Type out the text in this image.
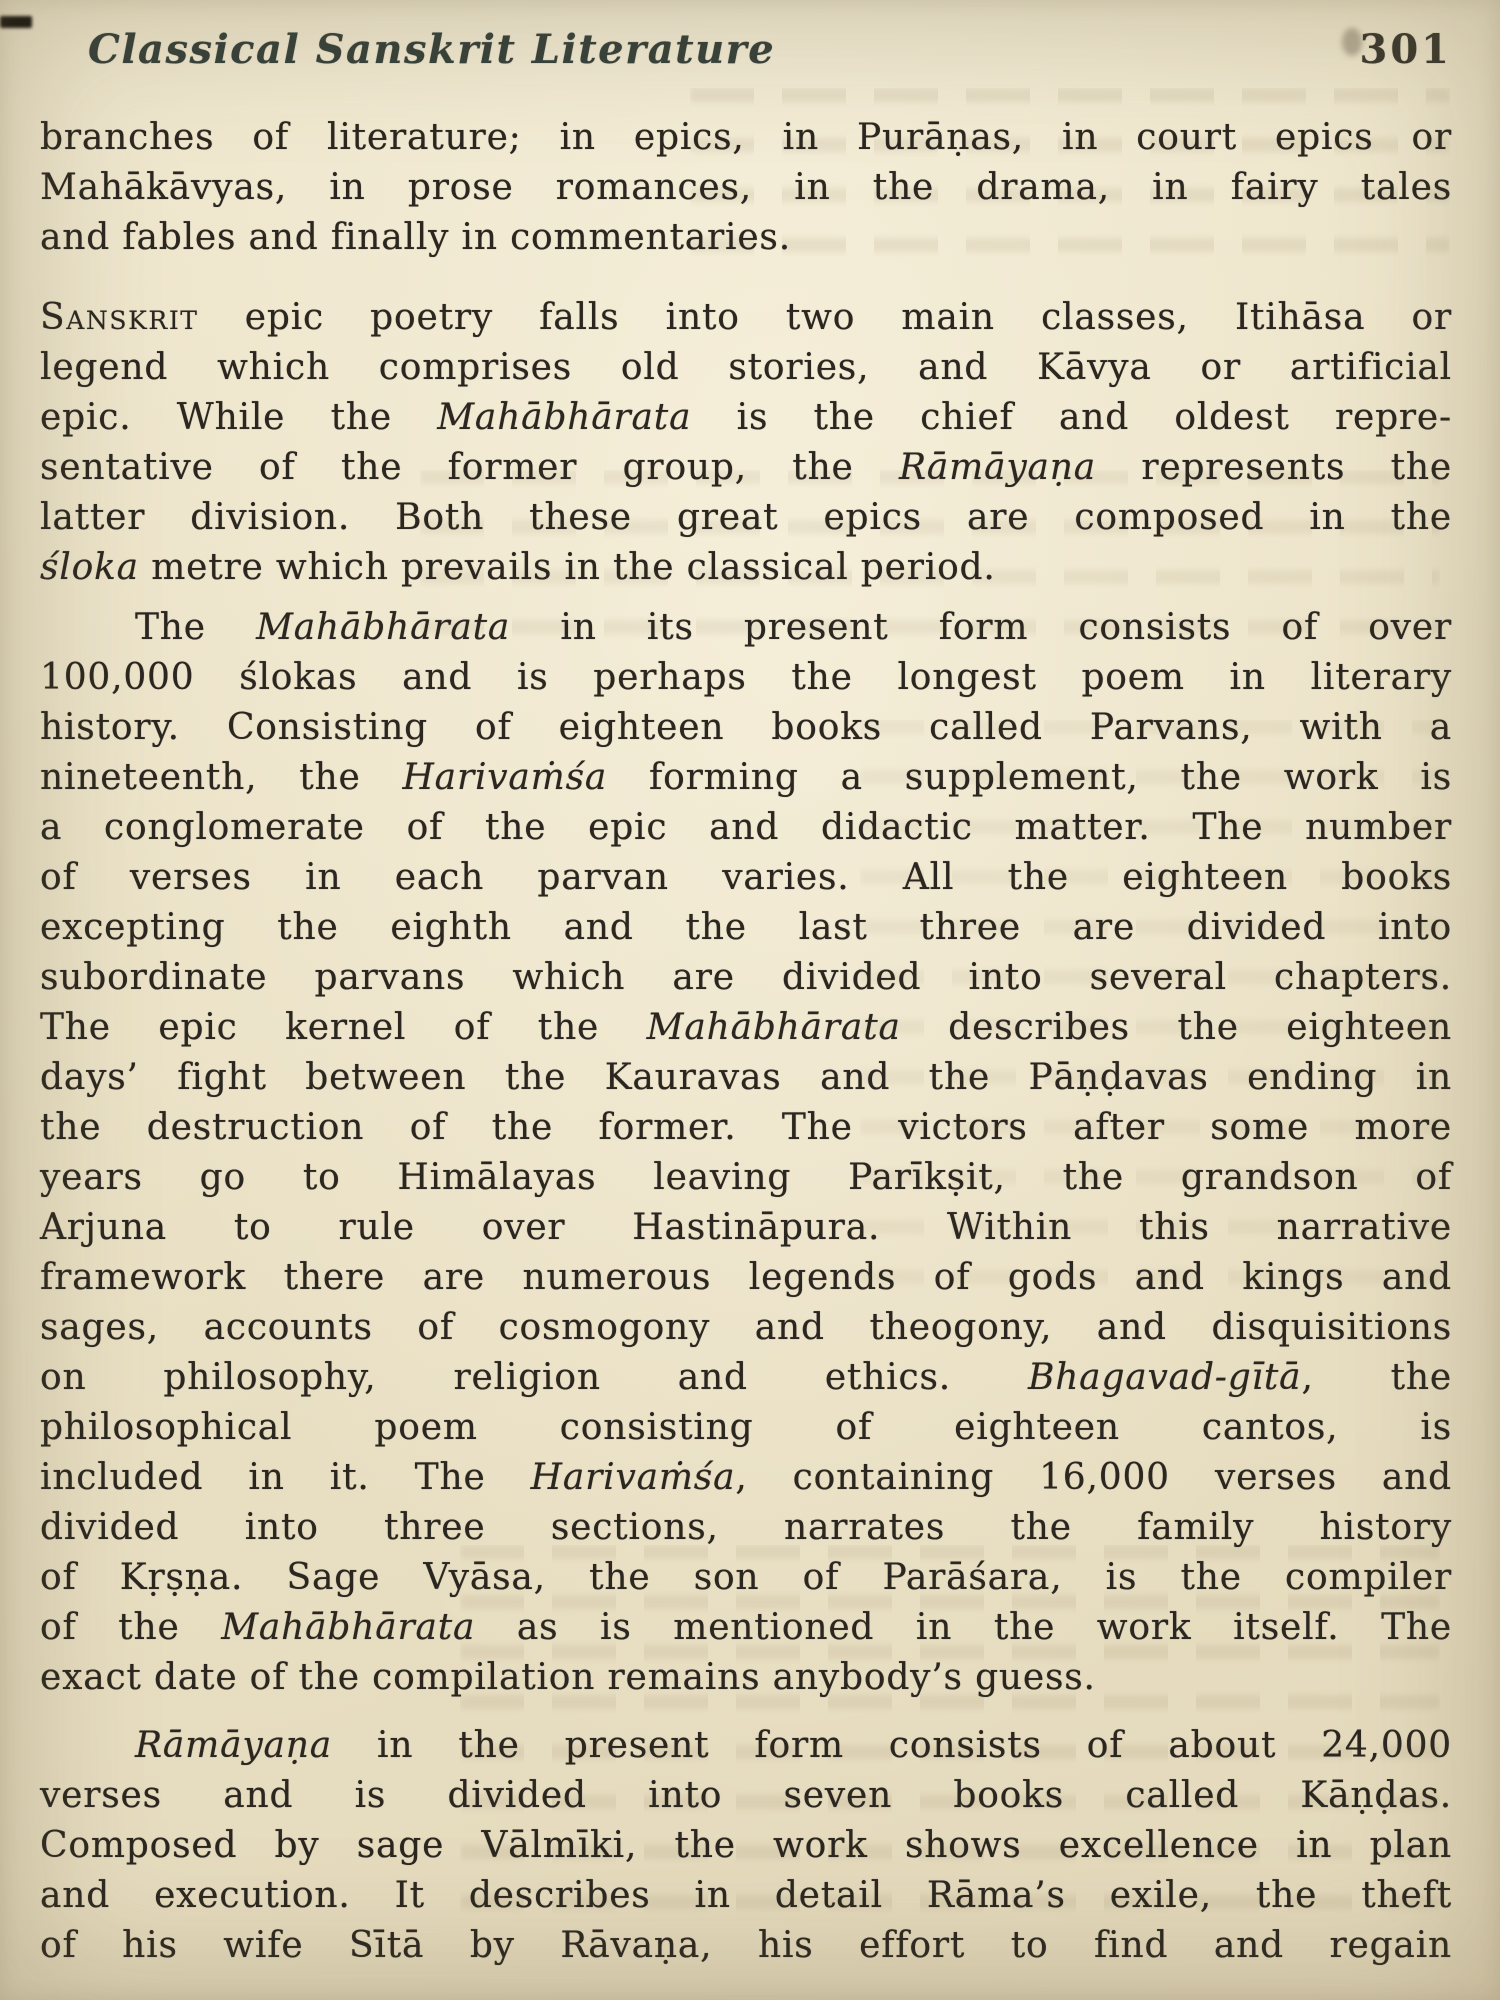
Classical Sanskrit Literature	301
branches of literature; in epics, in Purāṇas, in court epics or
Mahākāvyas, in prose romances, in the drama, in fairy tales
and fables and finally in commentaries.
Sanskrit epic poetry falls into two main classes, Itihāsa or
legend which comprises old stories, and Kāvya or artificial
epic. While the Mahābhārata is the chief and oldest repre-
sentative of the former group, the Rāmāyaṇa represents the
latter division. Both these great epics are composed in the
śloka metre which prevails in the classical period.
The Mahābhārata in its present form consists of over
100,000 ślokas and is perhaps the longest poem in literary
history. Consisting of eighteen books called Parvans, with a
nineteenth, the Harivaṁśa forming a supplement, the work is
a conglomerate of the epic and didactic matter. The number
of verses in each parvan varies. All the eighteen books
excepting the eighth and the last three are divided into
subordinate parvans which are divided into several chapters.
The epic kernel of the Mahābhārata describes the eighteen
days’ fight between the Kauravas and the Pāṇḍavas ending in
the destruction of the former. The victors after some more
years go to Himālayas leaving Parīkṣit, the grandson of
Arjuna to rule over Hastināpura. Within this narrative
framework there are numerous legends of gods and kings and
sages, accounts of cosmogony and theogony, and disquisitions
on philosophy, religion and ethics. Bhagavad-gītā, the
philosophical poem consisting of eighteen cantos, is
included in it. The Harivaṁśa, containing 16,000 verses and
divided into three sections, narrates the family history
of Kṛṣṇa. Sage Vyāsa, the son of Parāśara, is the compiler
of the Mahābhārata as is mentioned in the work itself. The
exact date of the compilation remains anybody’s guess.
Rāmāyaṇa in the present form consists of about 24,000
verses and is divided into seven books called Kāṇḍas.
Composed by sage Vālmīki, the work shows excellence in plan
and execution. It describes in detail Rāma’s exile, the theft
of his wife Sītā by Rāvaṇa, his effort to find and regain
